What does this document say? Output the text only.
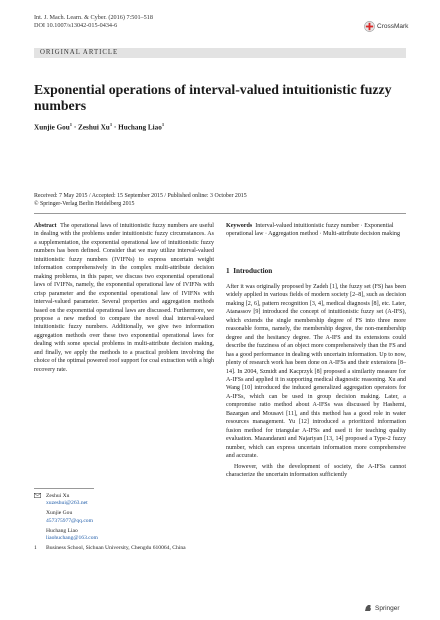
Int. J. Mach. Learn. & Cyber. (2016) 7:501–518
DOI 10.1007/s13042-015-0434-6	CrossMark
ORIGINAL ARTICLE
Exponential operations of interval-valued intuitionistic fuzzy numbers
Xunjie Gou$^1$ · Zeshui $Xu^1$ · Huchang Liao$^1$
Received: 7 May 2015 / Accepted: 15 September 2015 / Published online: 3 October 2015
© Springer-Verlag Berlin Heidelberg 2015
Abstract The operational laws of intuitionistic fuzzy numbers are useful in dealing with the problems under intuitionistic fuzzy circumstances. As a supplementation, the exponential operational law of intuitionistic fuzzy numbers has been defined. Consider that we may utilize interval-valued intuitionistic fuzzy numbers (IVIFNs) to express uncertain weight information comprehensively in the complex multi-attribute decision making problems, in this paper, we discuss two exponential operational laws of IVIFNs, namely, the exponential operational law of IVIFNs with crisp parameter and the exponential operational law of IVIFNs with interval-valued parameter. Several properties and aggregation methods based on the exponential operational laws are discussed. Furthermore, we propose a new method to compare the novel dual interval-valued intuitionistic fuzzy numbers. Additionally, we give two information aggregation methods over these two exponential operational laws for dealing with some special problems in multi-attribute decision making, and finally, we apply the methods to a practical problem involving the choice of the optimal powered roof support for coal extraction with a high recovery rate.
Keywords Interval-valued intuitionistic fuzzy number · Exponential operational law · Aggregation method · Multi-attribute decision making
1 Introduction

After it was originally proposed by Zadeh [1], the fuzzy set (FS) has been widely applied in various fields of modern society [2–8], such as decision making [2, 6], pattern recognition [3, 4], medical diagnosis [8], etc. Later, Atanassov [9] introduced the concept of intuitionistic fuzzy set (A-IFS), which extends the single membership degree of FS into three more reasonable forms, namely, the membership degree, the non-membership degree and the hesitancy degree. The A-IFS and its extensions could describe the fuzziness of an object more comprehensively than the FS and has a good performance in dealing with uncertain information. Up to now, plenty of research work has been done on A-IFSs and their extensions [8–14]. In 2004, Szmidt and Kacprzyk [8] proposed a similarity measure for A-IFSs and applied it in supporting medical diagnostic reasoning. Xu and Wang [10] introduced the induced generalized aggregation operators for A-IFSs, which can be used in group decision making. Later, a compromise ratio method about A-IFSs was discussed by Hashemi, Bazargan and Mousavi [11], and this method has a good role in water resources management. Yu [12] introduced a prioritized information fusion method for triangular A-IFSs and used it for teaching quality evaluation. Mazandarani and Najariyan [13, 14] proposed a Type-2 fuzzy number, which can express uncertain information more comprehensive and accurate.

However, with the development of society, the A-IFSs cannot characterize the uncertain information sufficiently

Zeshui Xu
xuzeshui@263.net
Xunjie Gou
457375977@qq.com
Huchang Liao
liaohuchang@163.com
1	Business School, Sichuan University, Chengdu 610064, China
Springer
